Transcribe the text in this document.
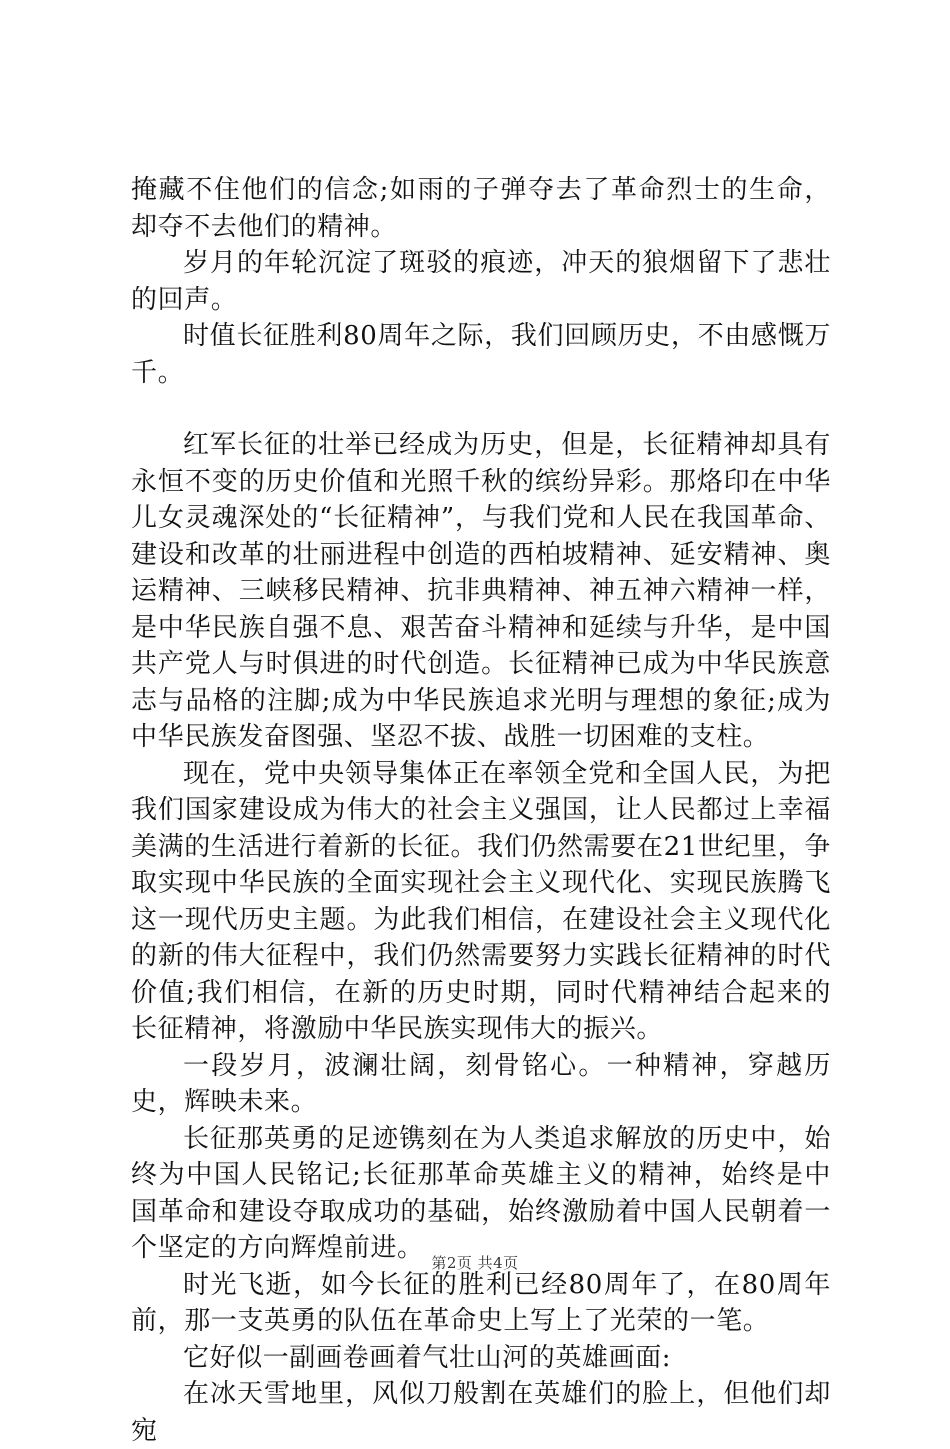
掩藏不住他们的信念;如雨的子弹夺去了革命烈士的生命，却夺不去他们的精神。

岁月的年轮沉淀了斑驳的痕迹，冲天的狼烟留下了悲壮的回声。

时值长征胜利80周年之际，我们回顾历史，不由感慨万千。

红军长征的壮举已经成为历史，但是，长征精神却具有永恒不变的历史价值和光照千秋的缤纷异彩。那烙印在中华儿女灵魂深处的“长征精神”，与我们党和人民在我国革命、建设和改革的壮丽进程中创造的西柏坡精神、延安精神、奥运精神、三峡移民精神、抗非典精神、神五神六精神一样，是中华民族自强不息、艰苦奋斗精神和延续与升华，是中国共产党人与时俱进的时代创造。长征精神已成为中华民族意志与品格的注脚;成为中华民族追求光明与理想的象征;成为中华民族发奋图强、坚忍不拔、战胜一切困难的支柱。

现在，党中央领导集体正在率领全党和全国人民，为把我们国家建设成为伟大的社会主义强国，让人民都过上幸福美满的生活进行着新的长征。我们仍然需要在21世纪里，争取实现中华民族的全面实现社会主义现代化、实现民族腾飞这一现代历史主题。为此我们相信，在建设社会主义现代化的新的伟大征程中，我们仍然需要努力实践长征精神的时代价值;我们相信，在新的历史时期，同时代精神结合起来的长征精神，将激励中华民族实现伟大的振兴。

一段岁月，波澜壮阔，刻骨铭心。一种精神，穿越历史，辉映未来。

长征那英勇的足迹镌刻在为人类追求解放的历史中，始终为中国人民铭记;长征那革命英雄主义的精神，始终是中国革命和建设夺取成功的基础，始终激励着中国人民朝着一个坚定的方向辉煌前进。

时光飞逝，如今长征的胜利已经80周年了，在80周年前，那一支英勇的队伍在革命史上写上了光荣的一笔。

它好似一副画卷画着气壮山河的英雄画面:

在冰天雪地里，风似刀般割在英雄们的脸上，但他们却宛

第2页 共4页
